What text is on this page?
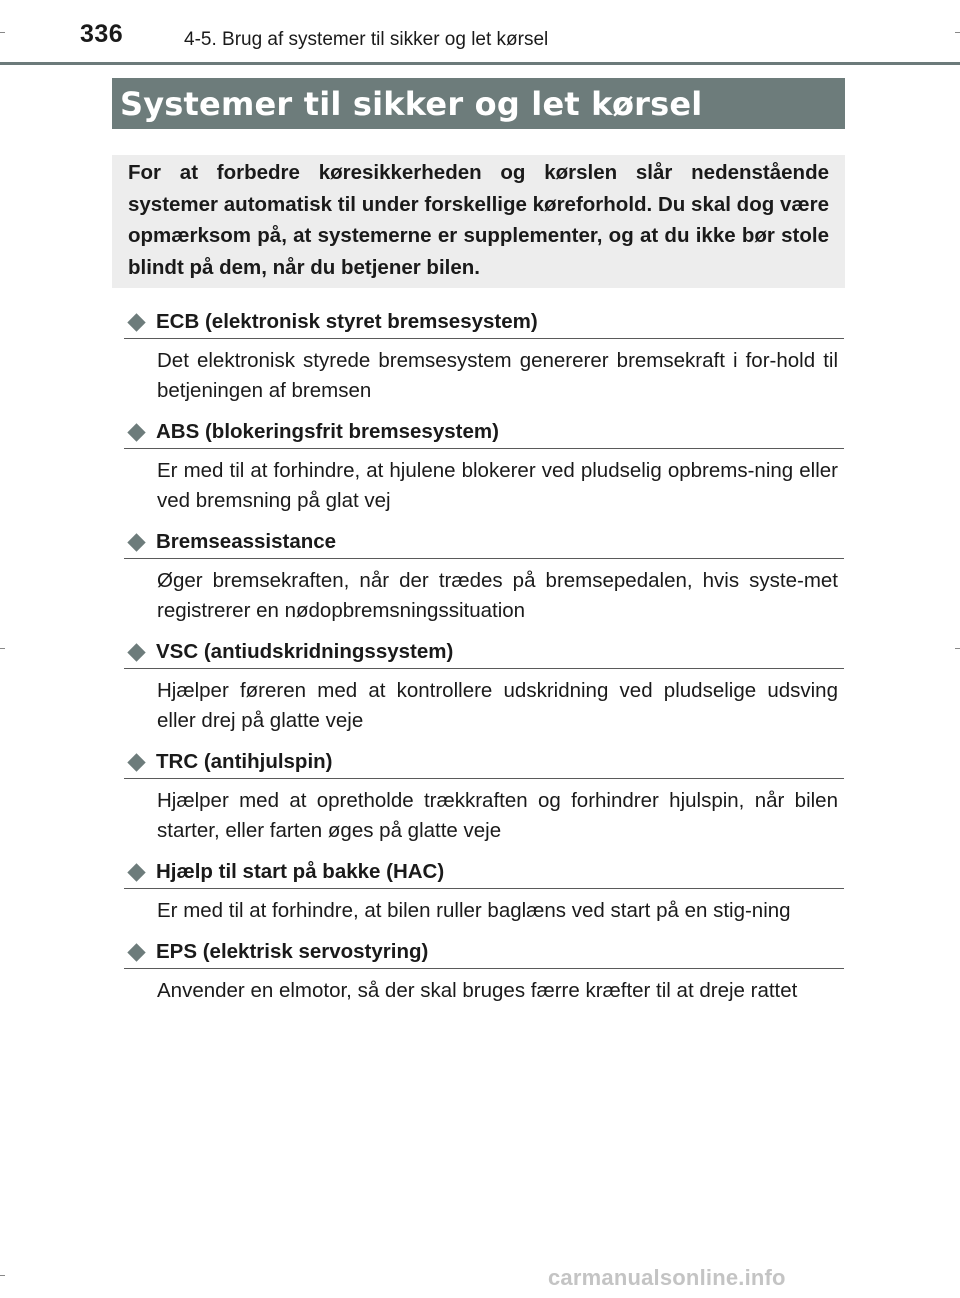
336	4-5. Brug af systemer til sikker og let kørsel
Systemer til sikker og let kørsel

For at forbedre køresikkerheden og kørslen slår nedenstående systemer automatisk til under forskellige køreforhold. Du skal dog være opmærksom på, at systemerne er supplementer, og at du ikke bør stole blindt på dem, når du betjener bilen.

ECB (elektronisk styret bremsesystem)

Det elektronisk styrede bremsesystem genererer bremsekraft i for-hold til betjeningen af bremsen

ABS (blokeringsfrit bremsesystem)

Er med til at forhindre, at hjulene blokerer ved pludselig opbrems-ning eller ved bremsning på glat vej

Bremseassistance

Øger bremsekraften, når der trædes på bremsepedalen, hvis syste-met registrerer en nødopbremsningssituation

VSC (antiudskridningssystem)

Hjælper føreren med at kontrollere udskridning ved pludselige udsving eller drej på glatte veje

TRC (antihjulspin)

Hjælper med at opretholde trækkraften og forhindrer hjulspin, når bilen starter, eller farten øges på glatte veje

Hjælp til start på bakke (HAC)

Er med til at forhindre, at bilen ruller baglæns ved start på en stig-ning

EPS (elektrisk servostyring)

Anvender en elmotor, så der skal bruges færre kræfter til at dreje rattet

carmanualsonline.info
